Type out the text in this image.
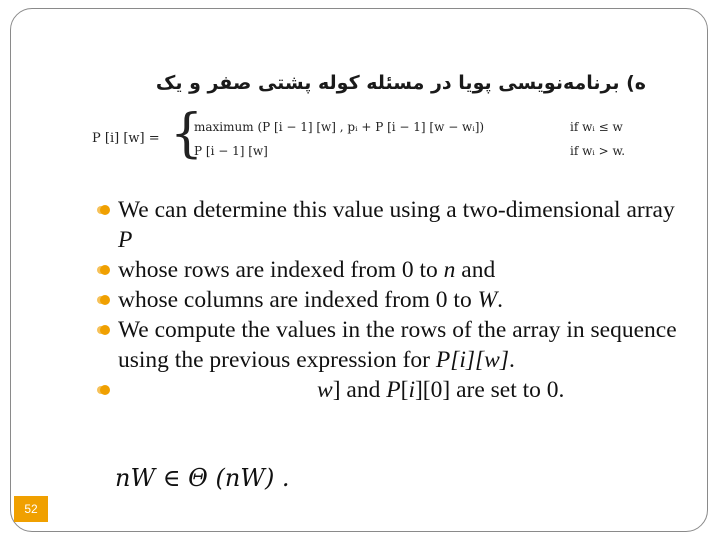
ه) برنامه‌نویسی پویا در مسئله کوله پشتی صفر و یک
P [i] [w] = {
maximum (P [i − 1] [w] , pᵢ + P [i − 1] [w − wᵢ])	if wᵢ ≤ w
P [i − 1] [w]	if wᵢ > w.
We can determine this value using a two-dimensional array P
whose rows are indexed from 0 to n and
whose columns are indexed from 0 to W.
We compute the values in the rows of the array in sequence using the previous expression for P[i][w].
w] and P[i][0] are set to 0.
nW ∈ Θ (nW) .
52
